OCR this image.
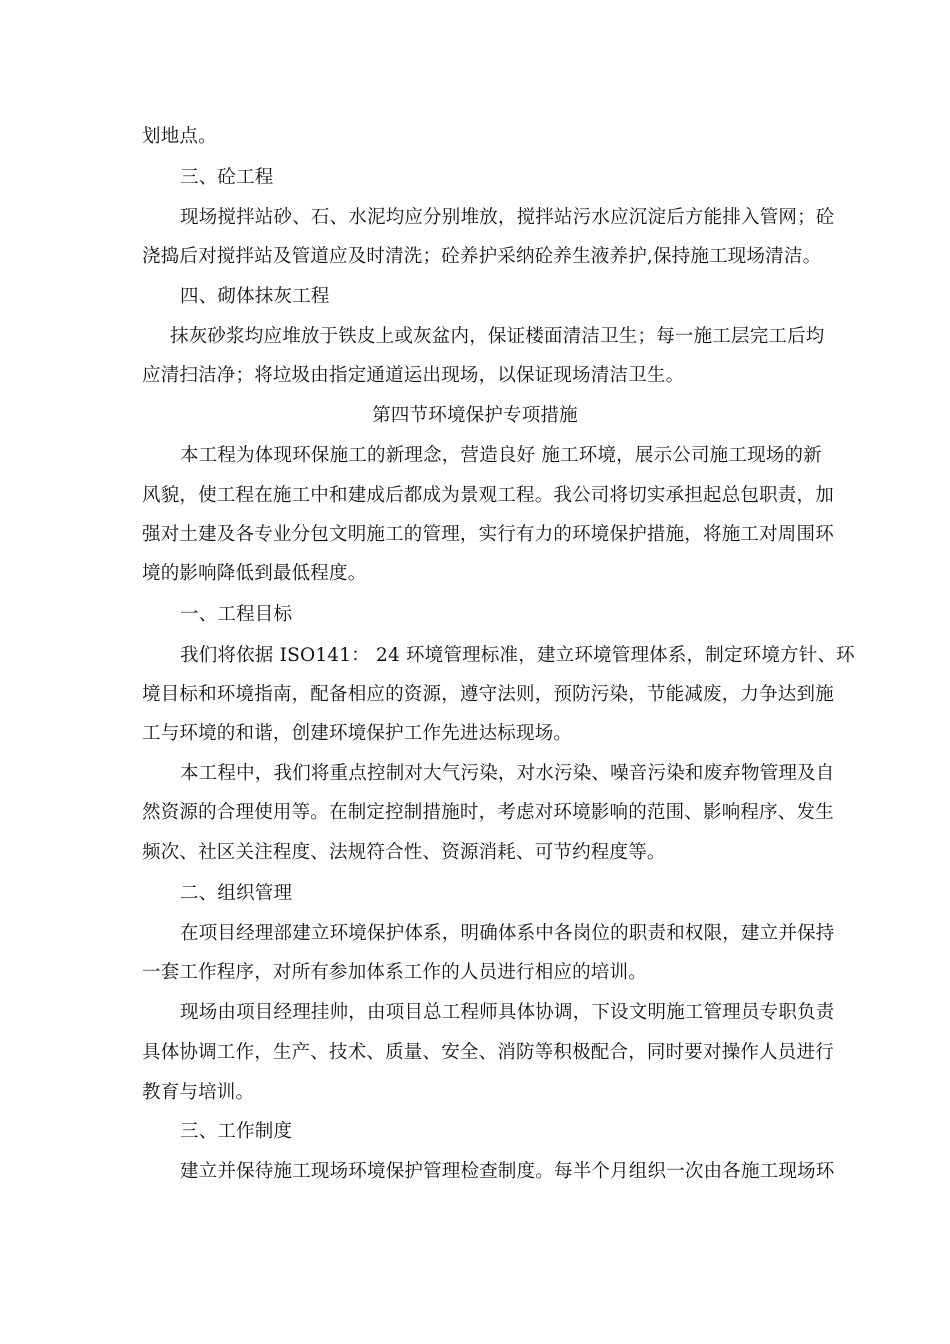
划地点。
三、砼工程
现场搅拌站砂、石、水泥均应分别堆放，搅拌站污水应沉淀后方能排入管网；砼
浇捣后对搅拌站及管道应及时清洗；砼养护采纳砼养生液养护,保持施工现场清洁。
四、砌体抹灰工程
抹灰砂浆均应堆放于铁皮上或灰盆内，保证楼面清洁卫生；每一施工层完工后均
应清扫洁净；将垃圾由指定通道运出现场，以保证现场清洁卫生。
第四节环境保护专项措施
本工程为体现环保施工的新理念，营造良好 施工环境，展示公司施工现场的新
风貌，使工程在施工中和建成后都成为景观工程。我公司将切实承担起总包职责，加
强对土建及各专业分包文明施工的管理，实行有力的环境保护措施，将施工对周围环
境的影响降低到最低程度。
一、工程目标
我们将依据 ISO141： 24 环境管理标准，建立环境管理体系，制定环境方针、环
境目标和环境指南，配备相应的资源，遵守法则，预防污染，节能减废，力争达到施
工与环境的和谐，创建环境保护工作先进达标现场。
本工程中，我们将重点控制对大气污染，对水污染、噪音污染和废弃物管理及自
然资源的合理使用等。在制定控制措施时，考虑对环境影响的范围、影响程序、发生
频次、社区关注程度、法规符合性、资源消耗、可节约程度等。
二、组织管理
在项目经理部建立环境保护体系，明确体系中各岗位的职责和权限，建立并保持
一套工作程序，对所有参加体系工作的人员进行相应的培训。
现场由项目经理挂帅，由项目总工程师具体协调，下设文明施工管理员专职负责
具体协调工作，生产、技术、质量、安全、消防等积极配合，同时要对操作人员进行
教育与培训。
三、工作制度
建立并保待施工现场环境保护管理检查制度。每半个月组织一次由各施工现场环
